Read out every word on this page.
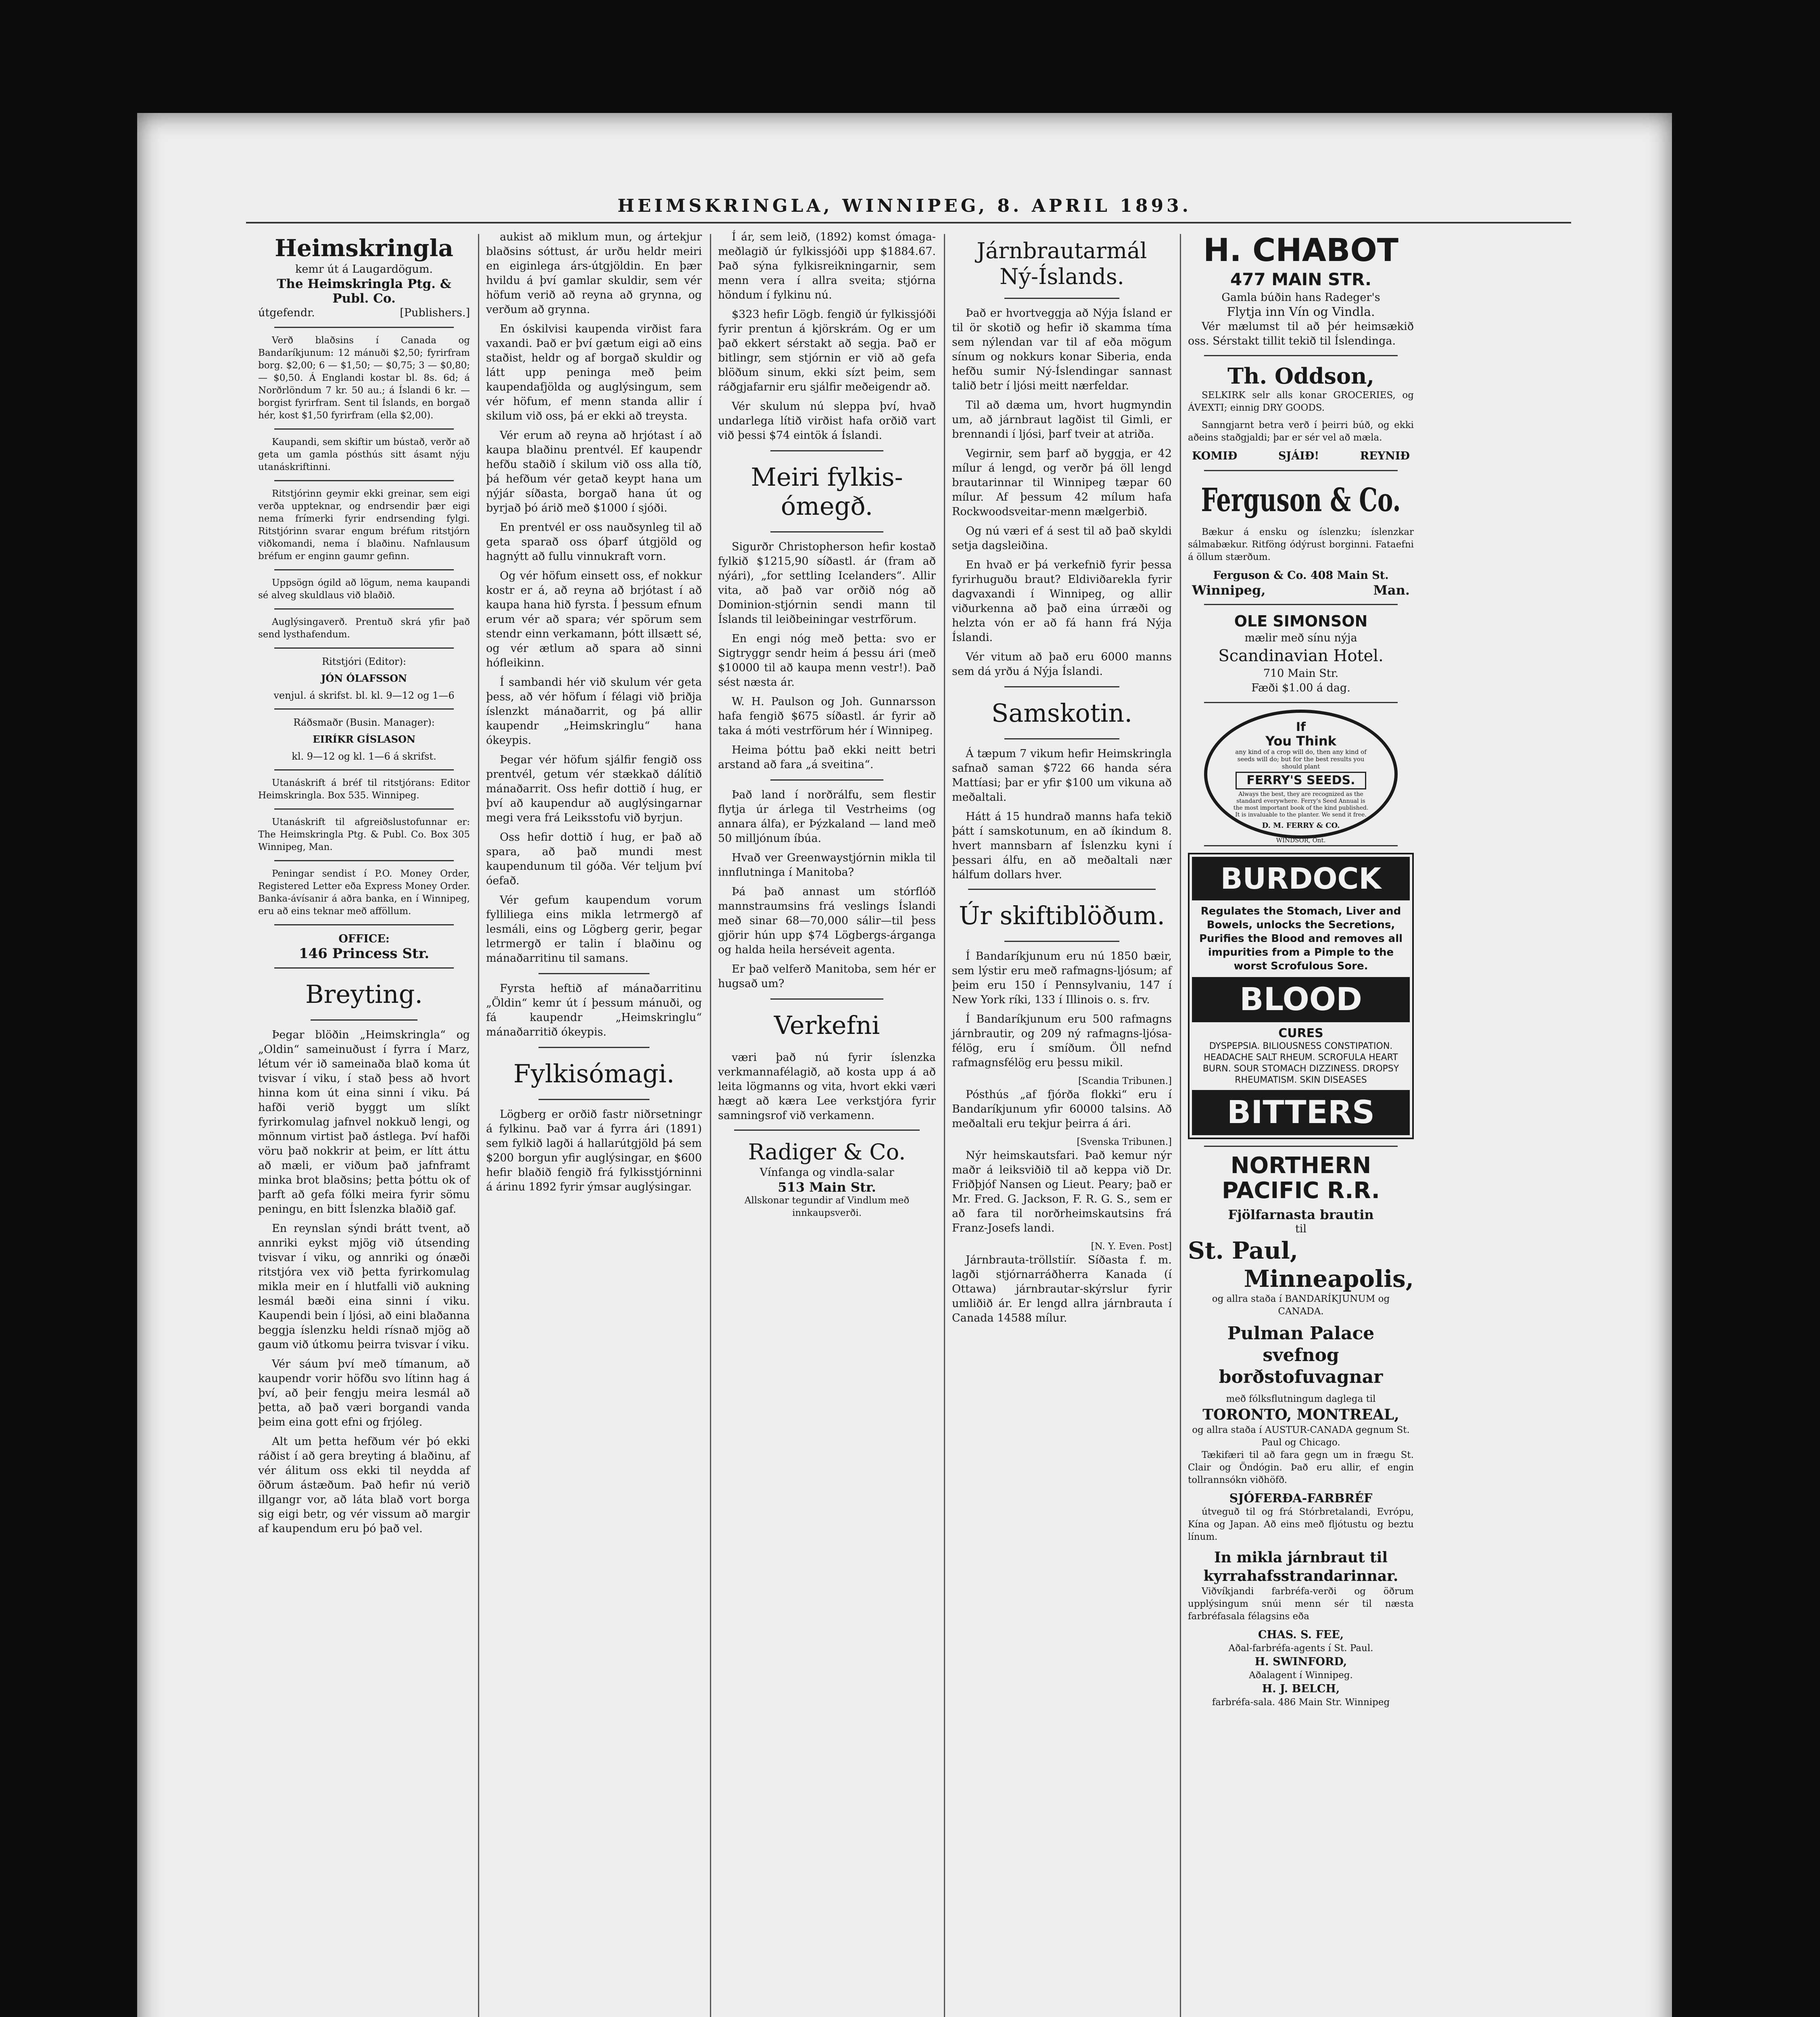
HEIMSKRINGLA, WINNIPEG, 8. APRIL 1893.
Heimskringla
kemr út á Laugardögum.
The Heimskringla Ptg. & Publ. Co.
útgefendr.	[Publishers.]

Verð blaðsins í Canada og Bandaríkjunum: 12 mánuði $2,50; fyrirfram borg. $2,00; 6 — $1,50; — $0,75; 3 — $0,80; — $0,50. Á Englandi kostar bl. 8s. 6d; á Norðrlöndum 7 kr. 50 au.; á Íslandi 6 kr. — borgist fyrirfram. Sent til Íslands, en borgað hér, kost $1,50 fyrirfram (ella $2,00).

Kaupandi, sem skiftir um bústað, verðr að geta um gamla pósthús sitt ásamt nýju utanáskriftinni.

Ritstjórinn geymir ekki greinar, sem eigi verða uppteknar, og endrsendir þær eigi nema frímerki fyrir endrsending fylgi. Ritstjórinn svarar engum bréfum ritstjórn viðkomandi, nema í blaðinu. Nafnlausum bréfum er enginn gaumr gefinn.

Uppsögn ógild að lögum, nema kaupandi sé alveg skuldlaus við blaðið.

Auglýsingaverð. Prentuð skrá yfir það send lysthafendum.

Ritstjóri (Editor):
JÓN ÓLAFSSON
venjul. á skrifst. bl. kl. 9—12 og 1—6
Ráðsmaðr (Busin. Manager):
EIRÍKR GÍSLASON
kl. 9—12 og kl. 1—6 á skrifst.

Utanáskrift á bréf til ritstjórans: Editor Heimskringla. Box 535. Winnipeg.

Utanáskrift til afgreiðslustofunnar er: The Heimskringla Ptg. & Publ. Co. Box 305 Winnipeg, Man.

Peningar sendist í P.O. Money Order, Registered Letter eða Express Money Order. Banka-ávísanir á aðra banka, en í Winnipeg, eru að eins teknar með afföllum.

OFFICE:
146 Princess Str.
Breyting.

Þegar blöðin „Heimskringla“ og „Oldin“ sameinuðust í fyrra í Marz, létum vér ið sameinaða blað koma út tvisvar í viku, í stað þess að hvort hinna kom út eina sinni í viku. Þá hafði verið byggt um slíkt fyrirkomulag jafnvel nokkuð lengi, og mönnum virtist það ástlega. Því hafði vöru það nokkrir at þeim, er lítt áttu að mæli, er viðum það jafnframt minka brot blaðsins; þetta þóttu ok of þarft að gefa fólki meira fyrir sömu peningu, en bitt Íslenzka blaðið gaf.

En reynslan sýndi brátt tvent, að annriki eykst mjög við útsending tvisvar í viku, og annriki og ónæði ritstjóra vex við þetta fyrirkomulag mikla meir en í hlutfalli við aukning lesmál bæði eina sinni í viku. Kaupendi bein í ljósi, að eini blaðanna beggja íslenzku heldi rísnað mjög að gaum við útkomu þeirra tvisvar í viku.

Vér sáum því með tímanum, að kaupendr vorir höfðu svo lítinn hag á því, að þeir fengju meira lesmál að þetta, að það væri borgandi vanda þeim eina gott efni og frjóleg.

Alt um þetta hefðum vér þó ekki ráðist í að gera breyting á blaðinu, af vér álitum oss ekki til neydda af öðrum ástæðum. Það hefir nú verið illgangr vor, að láta blað vort borga sig eigi betr, og vér vissum að margir af kaupendum eru þó það vel.

aukist að miklum mun, og ártekjur blaðsins sóttust, ár urðu heldr meiri en eiginlega árs-útgjöldin. En þær hvildu á því gamlar skuldir, sem vér höfum verið að reyna að grynna, og verðum að grynna.

En óskilvisi kaupenda virðist fara vaxandi. Það er því gætum eigi að eins staðist, heldr og af borgað skuldir og látt upp peninga með þeim kaupendafjölda og auglýsingum, sem vér höfum, ef menn standa allir í skilum við oss, þá er ekki að treysta.

Vér erum að reyna að hrjótast í að kaupa blaðinu prentvél. Ef kaupendr hefðu staðið í skilum við oss alla tíð, þá hefðum vér getað keypt hana um nýjár síðasta, borgað hana út og byrjað þó árið með $1000 í sjóði.

En prentvél er oss nauðsynleg til að geta sparað oss óþarf útgjöld og hagnýtt að fullu vinnukraft vorn.

Og vér höfum einsett oss, ef nokkur kostr er á, að reyna að brjótast í að kaupa hana hið fyrsta. Í þessum efnum erum vér að spara; vér spörum sem stendr einn verkamann, þótt illsætt sé, og vér ætlum að spara að sinni hófleikinn.

Í sambandi hér við skulum vér geta þess, að vér höfum í félagi við þriðja íslenzkt mánaðarrit, og þá allir kaupendr „Heimskringlu“ hana ókeypis.

Þegar vér höfum sjálfir fengið oss prentvél, getum vér stækkað dálítið mánaðarrit. Oss hefir dottið í hug, er því að kaupendur að auglýsingarnar megi vera frá Leiksstofu við byrjun.

Oss hefir dottið í hug, er það að spara, að það mundi mest kaupendunum til góða. Vér teljum því óefað.

Vér gefum kaupendum vorum fylliliega eins mikla letrmergð af lesmáli, eins og Lögberg gerir, þegar letrmergð er talin í blaðinu og mánaðarritinu til samans.

Fyrsta heftið af mánaðarritinu „Öldin“ kemr út í þessum mánuði, og fá kaupendr „Heimskringlu“ mánaðarritið ókeypis.

Fylkisómagi.

Lögberg er orðið fastr niðrsetningr á fylkinu. Það var á fyrra ári (1891) sem fylkið lagði á hallarútgjöld þá sem $200 borgun yfir auglýsingar, en $600 hefir blaðið fengið frá fylkisstjórninni á árinu 1892 fyrir ýmsar auglýsingar.

Í ár, sem leið, (1892) komst ómaga-meðlagið úr fylkissjóði upp $1884.67. Það sýna fylkisreikningarnir, sem menn vera í allra sveita; stjórna höndum í fylkinu nú.

$323 hefir Lögb. fengið úr fylkissjóði fyrir prentun á kjörskrám. Og er um það ekkert sérstakt að segja. Það er bitlingr, sem stjórnin er við að gefa blöðum sinum, ekki sízt þeim, sem ráðgjafarnir eru sjálfir meðeigendr að.

Vér skulum nú sleppa því, hvað undarlega lítið virðist hafa orðið vart við þessi $74 eintök á Íslandi.

Meiri fylkis-ómegð.

Sigurðr Christopherson hefir kostað fylkið $1215,90 síðastl. ár (fram að nýári), „for settling Icelanders“. Allir vita, að það var orðið nóg að Dominion-stjórnin sendi mann til Íslands til leiðbeiningar vestrförum.

En engi nóg með þetta: svo er Sigtryggr sendr heim á þessu ári (með $10000 til að kaupa menn vestr!). Það sést næsta ár.

W. H. Paulson og Joh. Gunnarsson hafa fengið $675 síðastl. ár fyrir að taka á móti vestrförum hér í Winnipeg.

Heima þóttu það ekki neitt betri arstand að fara „á sveitina“.

Það land í norðrálfu, sem flestir flytja úr árlega til Vestrheims (og annara álfa), er Þýzkaland — land með 50 milljónum íbúa.

Hvað ver Greenwaystjórnin mikla til innflutninga í Manitoba?

Þá það annast um stórflóð mannstraumsins frá veslings Íslandi með sinar 68—70,000 sálir—til þess gjörir hún upp $74 Lögbergs-árganga og halda heila herséveit agenta.

Er það velferð Manitoba, sem hér er hugsað um?

Verkefni

væri það nú fyrir íslenzka verkmannafélagið, að kosta upp á að leita lögmanns og vita, hvort ekki væri hægt að kæra Lee verkstjóra fyrir samningsrof við verkamenn.

Radiger & Co.
Vínfanga og vindla-salar
513 Main Str.
Allskonar tegundir af Vindlum með innkaupsverði.
Járnbrautarmál
Ný-Íslands.

Það er hvortveggja að Nýja Ísland er til ör skotið og hefir ið skamma tíma sem nýlendan var til af eða mögum sínum og nokkurs konar Siberia, enda hefðu sumir Ný-Íslendingar sannast talið betr í ljósi meitt nærfeldar.

Til að dæma um, hvort hugmyndin um, að járnbraut lagðist til Gimli, er brennandi í ljósi, þarf tveir at atriða.

Vegirnir, sem þarf að byggja, er 42 mílur á lengd, og verðr þá öll lengd brautarinnar til Winnipeg tæpar 60 mílur. Af þessum 42 mílum hafa Rockwoodsveitar-menn mælgerbið.

Og nú væri ef á sest til að það skyldi setja dagsleiðina.

En hvað er þá verkefnið fyrir þessa fyrirhuguðu braut? Eldiviðarekla fyrir dagvaxandi í Winnipeg, og allir viðurkenna að það eina úrræði og helzta vón er að fá hann frá Nýja Íslandi.

Vér vitum að það eru 6000 manns sem dá yrðu á Nýja Íslandi.

Samskotin.

Á tæpum 7 vikum hefir Heimskringla safnað saman $722 66 handa séra Mattíasi; þar er yfir $100 um vikuna að meðaltali.

Hátt á 15 hundrað manns hafa tekið þátt í samskotunum, en að íkindum 8. hvert mannsbarn af Íslenzku kyni í þessari álfu, en að meðaltali nær hálfum dollars hver.

Úr skiftiblöðum.

Í Bandaríkjunum eru nú 1850 bæir, sem lýstir eru með rafmagns-ljósum; af þeim eru 150 í Pennsylvaniu, 147 í New York ríki, 133 í Illinois o. s. frv.

Í Bandaríkjunum eru 500 rafmagns járnbrautir, og 209 ný rafmagns-ljósa-félög, eru í smíðum. Öll nefnd rafmagnsfélög eru þessu mikil.

[Scandia Tribunen.]

Pósthús „af fjórða flokki“ eru í Bandaríkjunum yfir 60000 talsins. Að meðaltali eru tekjur þeirra á ári.

[Svenska Tribunen.]

Nýr heimskautsfari. Það kemur nýr maðr á leiksviðið til að keppa við Dr. Friðþjóf Nansen og Lieut. Peary; það er Mr. Fred. G. Jackson, F. R. G. S., sem er að fara til norðrheimskautsins frá Franz-Josefs landi.

[N. Y. Even. Post]

Járnbrauta-tröllstiír. Síðasta f. m. lagði stjórnarráðherra Kanada (í Ottawa) járnbrautar-skýrslur fyrir umliðið ár. Er lengd allra járnbrauta í Canada 14588 mílur.

H. CHABOT
477 MAIN STR.
Gamla búðin hans Radeger's
Flytja inn Vín og Vindla.

Vér mælumst til að þér heimsækið oss. Sérstakt tillit tekið til Íslendinga.

Th. Oddson,

SELKIRK selr alls konar GROCERIES, og ÁVEXTI; einnig DRY GOODS.

Sanngjarnt betra verð í þeirri búð, og ekki aðeins staðgjaldi; þar er sér vel að mæla.

KOMIÐ	SJÁIÐ!	REYNIÐ
Ferguson & Co.

Bækur á ensku og íslenzku; íslenzkar sálmabækur. Ritföng ódýrust borginni. Fataefni á öllum stærðum.

Ferguson & Co. 408 Main St.
Winnipeg,	Man.
OLE SIMONSON
mælir með sínu nýja
Scandinavian Hotel.
710 Main Str.
Fæði $1.00 á dag.
If
You Think
any kind of a crop will do, then any kind of seeds will do; but for the best results you should plant
FERRY'S SEEDS.
Always the best, they are recognized as the standard everywhere. Ferry's Seed Annual is the most important book of the kind published. It is invaluable to the planter. We send it free.
D. M. FERRY & CO.
WINDSOR, Ont.
BURDOCK
Regulates the Stomach, Liver and Bowels, unlocks the Secretions, Purifies the Blood and removes all impurities from a Pimple to the worst Scrofulous Sore.
BLOOD
CURES
DYSPEPSIA. BILIOUSNESS CONSTIPATION. HEADACHE SALT RHEUM. SCROFULA HEART BURN. SOUR STOMACH DIZZINESS. DROPSY RHEUMATISM. SKIN DISEASES
BITTERS
NORTHERN
PACIFIC R.R.
Fjölfarnasta brautin
til
St. Paul,
Minneapolis,
og allra staða í BANDARÍKJUNUM og CANADA.
Pulman Palace svefnog borðstofuvagnar
með fólksflutningum daglega til
TORONTO, MONTREAL,
og allra staða í AUSTUR-CANADA gegnum St. Paul og Chicago.

Tækifæri til að fara gegn um in frægu St. Clair og Öndógin. Það eru allir, ef engin tollrannsókn viðhöfð.

SJÓFERÐA-FARBRÉF

útveguð til og frá Stórbretalandi, Evrópu, Kína og Japan. Að eins með fljótustu og beztu línum.

In mikla járnbraut til kyrrahafsstrandarinnar.

Viðvíkjandi farbréfa-verði og öðrum upplýsingum snúi menn sér til næsta farbréfasala félagsins eða

CHAS. S. FEE,
Aðal-farbréfa-agents í St. Paul.
H. SWINFORD,
Aðalagent í Winnipeg.
H. J. BELCH,
farbréfa-sala. 486 Main Str. Winnipeg
